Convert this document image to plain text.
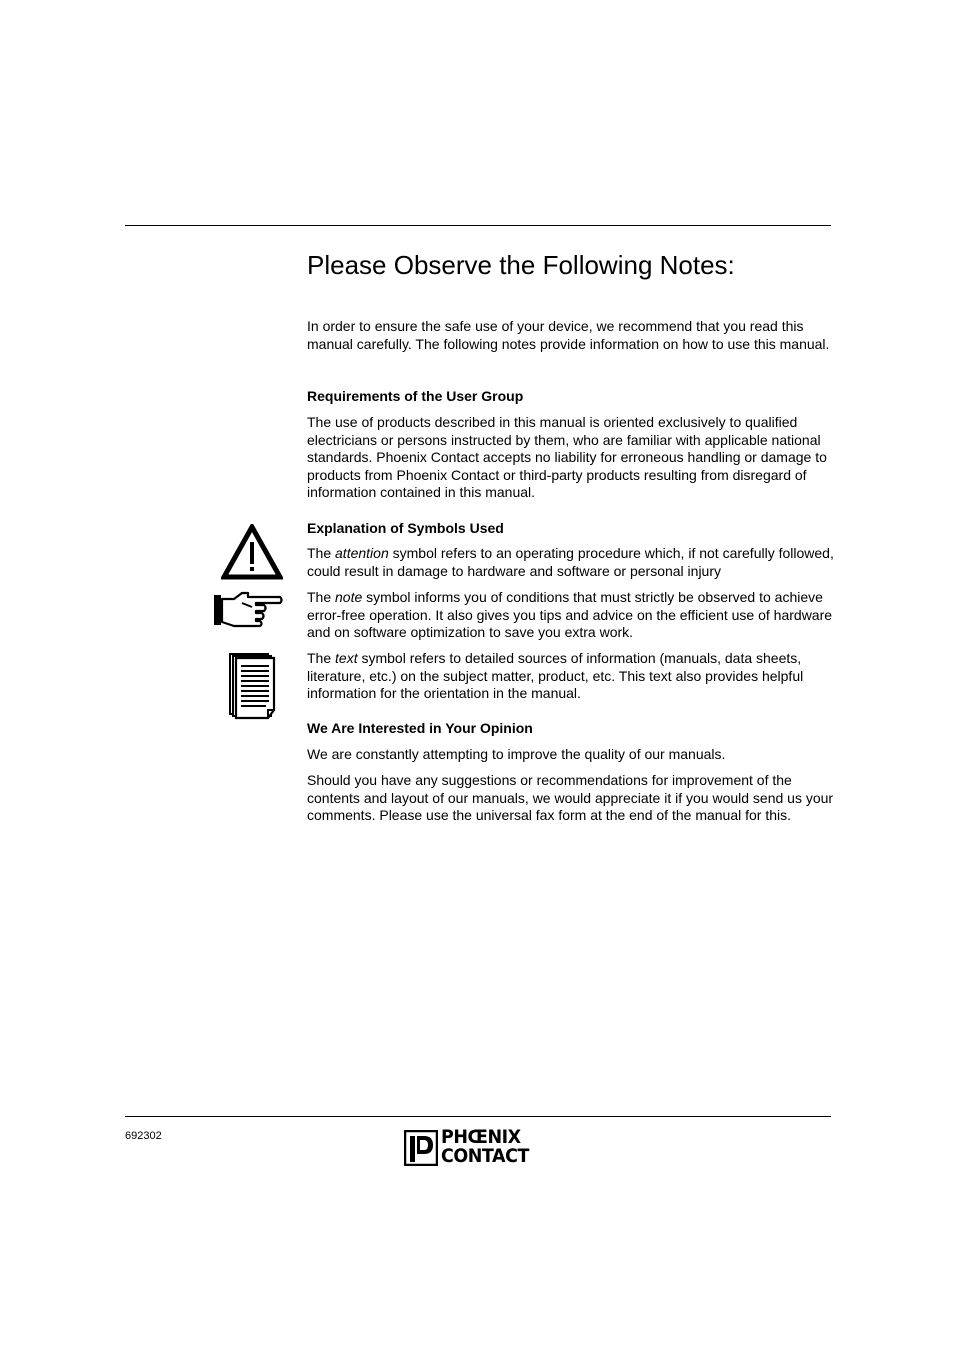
Please Observe the Following Notes:

In order to ensure the safe use of your device, we recommend that you read this manual carefully. The following notes provide information on how to use this manual.

Requirements of the User Group

The use of products described in this manual is oriented exclusively to qualified electricians or persons instructed by them, who are familiar with applicable national standards. Phoenix Contact accepts no liability for erroneous handling or damage to products from Phoenix Contact or third-party products resulting from disregard of information contained in this manual.

Explanation of Symbols Used

The attention symbol refers to an operating procedure which, if not carefully followed, could result in damage to hardware and software or personal injury

The note symbol informs you of conditions that must strictly be observed to achieve error-free operation. It also gives you tips and advice on the efficient use of hardware and on software optimization to save you extra work.

The text symbol refers to detailed sources of information (manuals, data sheets, literature, etc.) on the subject matter, product, etc. This text also provides helpful information for the orientation in the manual.

We Are Interested in Your Opinion

We are constantly attempting to improve the quality of our manuals.

Should you have any suggestions or recommendations for improvement of the contents and layout of our manuals, we would appreciate it if you would send us your comments. Please use the universal fax form at the end of the manual for this.

692302	PHŒNIX
CONTACT
